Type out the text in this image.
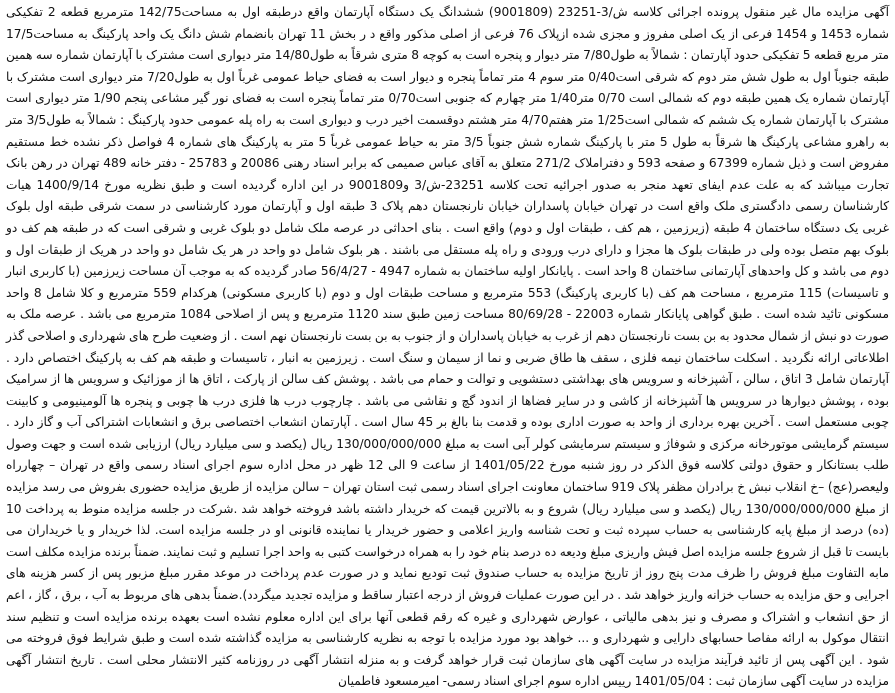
آگهی مزایده مال غیر منقول پرونده اجرائی کلاسه ش/3-23251 (9001809) ششدانگ یک دستگاه آپارتمان واقع درطبقه اول به مساحت142/75 مترمربع قطعه 2 تفکیکی شماره 1453 و 1454 فرعی از یک اصلی مفروز و مجزی شده ازپلاک 76 فرعی از اصلی مذکور واقع د ر بخش 11 تهران بانضمام شش دانگ یک واحد پارکینگ به مساحت17/5 متر مربع قطعه 5 تفکیکی حدود آپارتمان : شمالاً به طول7/80 متر دیوار و پنجره است به کوچه 8 متری شرقاً به طول14/80 متر دیواری است مشترک با آپارتمان شماره سه همین طبقه جنوباً اول به طول شش متر دوم که شرقی است0/40 متر سوم 4 متر تماماً پنجره و دیوار است به فضای حیاط عمومی غرباً اول به طول7/20 متر دیواری است مشترک با آپارتمان شماره یک همین طبقه دوم که شمالی است 0/70 متر1/40 متر چهارم که جنوبی است0/70 متر تماماً پنجره است به فضای نور گیر مشاعی پنجم 1/90 متر دیواری است مشترک با آپارتمان شماره یک ششم که شمالی است1/25 متر هفتم4/70 متر هشتم دوقسمت اخیر درب و دیواری است به راه پله عمومی حدود پارکینگ : شمالاً به طول3/5 متر به راهرو مشاعی پارکینگ ها شرقاً به طول 5 متر با پارکینگ شماره شش جنوباً 3/5 متر به حیاط عمومی غرباً 5 متر به پارکینگ های شماره 4 فواصل ذکر نشده خط مستقیم مفروض است و ذیل شماره 67399 و صفحه 593 و دفتراملاک 271/2 متعلق به آقای عباس صمیمی که برابر اسناد رهنی 20086 و 25783 - دفتر خانه 489 تهران در رهن بانک تجارت میباشد که به علت عدم ایفای تعهد منجر به صدور اجرائیه تحت کلاسه 23251-ش/3 و9001809 در این اداره گردیده است و طبق نظریه مورخ 1400/9/14 هیات کارشناسان رسمی دادگستری ملک واقع است در تهران خیابان پاسداران خیابان نارنجستان دهم پلاک 3 طبقه اول و آپارتمان مورد کارشناسی در سمت شرقی طبقه اول بلوک غربی یک دستگاه ساختمان 4 طبقه (زیرزمین ، هم کف ، طبقات اول و دوم) واقع است . بنای احداثی در عرصه ملک شامل دو بلوک غربی و شرقی است که در طبقه هم کف دو بلوک بهم متصل بوده ولی در طبقات بلوک ها مجزا و دارای درب ورودی و راه پله مستقل می باشند . هر بلوک شامل دو واحد در هر یک شامل دو واحد در هریک از طبقات اول و دوم می باشد و کل واحدهای آپارتمانی ساختمان 8 واحد است . پایانکار اولیه ساختمان به شماره 4947 - 56/4/27 صادر گردیده که به موجب آن مساحت زیرزمین (با کاربری انبار و تاسیسات) 115 مترمربع ، مساحت هم کف (با کاربری پارکینگ) 553 مترمربع و مساحت طبقات اول و دوم (با کاربری مسکونی) هرکدام 559 مترمربع و کلا شامل 8 واحد مسکونی تائید شده است . طبق گواهی پایانکار شماره 22003 - 80/69/28 مساحت زمین طبق سند 1120 مترمربع و پس از اصلاحی 1084 مترمربع می باشد . عرصه ملک به صورت دو نبش از شمال محدود به بن بست نارنجستان دهم از غرب به خیابان پاسداران و از جنوب به بن بست نارنجستان نهم است . از وضعیت طرح های شهرداری و اصلاحی گذر اطلاعاتی ارائه نگردید . اسکلت ساختمان نیمه فلزی ، سقف ها طاق ضربی و نما از سیمان و سنگ است . زیرزمین به انبار ، تاسیسات و طبقه هم کف به پارکینگ اختصاص دارد . آپارتمان شامل 3 اتاق ، سالن ، آشپزخانه و سرویس های بهداشتی دستشویی و توالت و حمام می باشد . پوشش کف سالن از پارکت ، اتاق ها از موزائیک و سرویس ها از سرامیک بوده ، پوشش دیوارها در سرویس ها آشپزخانه از کاشی و در سایر فضاها از اندود گچ و نقاشی می باشد . چارچوب درب ها فلزی درب ها چوبی و پنجره ها آلومینیومی و کابینت چوبی مستعمل است . آخرین بهره برداری از واحد به صورت اداری بوده و قدمت بنا بالغ بر 45 سال است . آپارتمان انشعاب اختصاصی برق و انشعابات اشتراکی آب و گاز دارد . سیستم گرمایشی موتورخانه مرکزی و شوفاژ و سیستم سرمایشی کولر آبی است به مبلغ 130/000/000/000 ریال (یکصد و سی میلیارد ریال) ارزیابی شده است و جهت وصول طلب بستانکار و حقوق دولتی کلاسه فوق الذکر در روز شنبه مورخ 1401/05/22 از ساعت 9 الی 12 ظهر در محل اداره سوم اجرای اسناد رسمی واقع در تهران – چهارراه ولیعصر(عج) –خ انقلاب نبش خ برادران مظفر پلاک 919 ساختمان معاونت اجرای اسناد رسمی ثبت استان تهران – سالن مزایده از طریق مزایده حضوری بفروش می رسد مزایده از مبلغ 130/000/000/000 ریال (یکصد و سی میلیارد ریال) شروع و به بالاترین قیمت که خریدار داشته باشد فروخته خواهد شد .شرکت در جلسه مزایده منوط به پرداخت 10 (ده) درصد از مبلغ پایه کارشناسی به حساب سپرده ثبت و تحت شناسه واریز اعلامی و حضور خریدار یا نماینده قانونی او در جلسه مزایده است. لذا خریدار و یا خریداران می بایست تا قبل از شروع جلسه مزایده اصل فیش واریزی مبلغ ودیعه ده درصد بنام خود را به همراه درخواست کتبی به واحد اجرا تسلیم و ثبت نمایند. ضمناً برنده مزایده مکلف است مابه التفاوت مبلغ فروش را ظرف مدت پنج روز از تاریخ مزایده به حساب صندوق ثبت تودیع نماید و در صورت عدم پرداخت در موعد مقرر مبلغ مزبور پس از کسر هزینه های اجرایی و حق مزایده به حساب خزانه واریز خواهد شد . در این صورت عملیات فروش از درجه اعتبار ساقط و مزایده تجدید میگردد).ضمناً بدهی های مربوط به آب ، برق ، گاز ، اعم از حق انشعاب و اشتراک و مصرف و نیز بدهی مالیاتی ، عوارض شهرداری و غیره که رقم قطعی آنها برای این اداره معلوم نشده است بعهده برنده مزایده است و تنظیم سند انتقال موکول به ارائه مفاصا حسابهای دارایی و شهرداری و ... خواهد بود مورد مزایده با توجه به نظریه کارشناسی به مزایده گذاشته شده است و طبق شرایط فوق فروخته می شود . این آگهی پس از تائید فرآیند مزایده در سایت آگهی های سازمان ثبت قرار خواهد گرفت و به منزله انتشار آگهی در روزنامه کثیر الانتشار محلی است . تاریخ انتشار آگهی مزایده در سایت آگهی سازمان ثبت : 1401/05/04 رییس اداره سوم اجرای اسناد رسمی- امیرمسعود فاطمیان
